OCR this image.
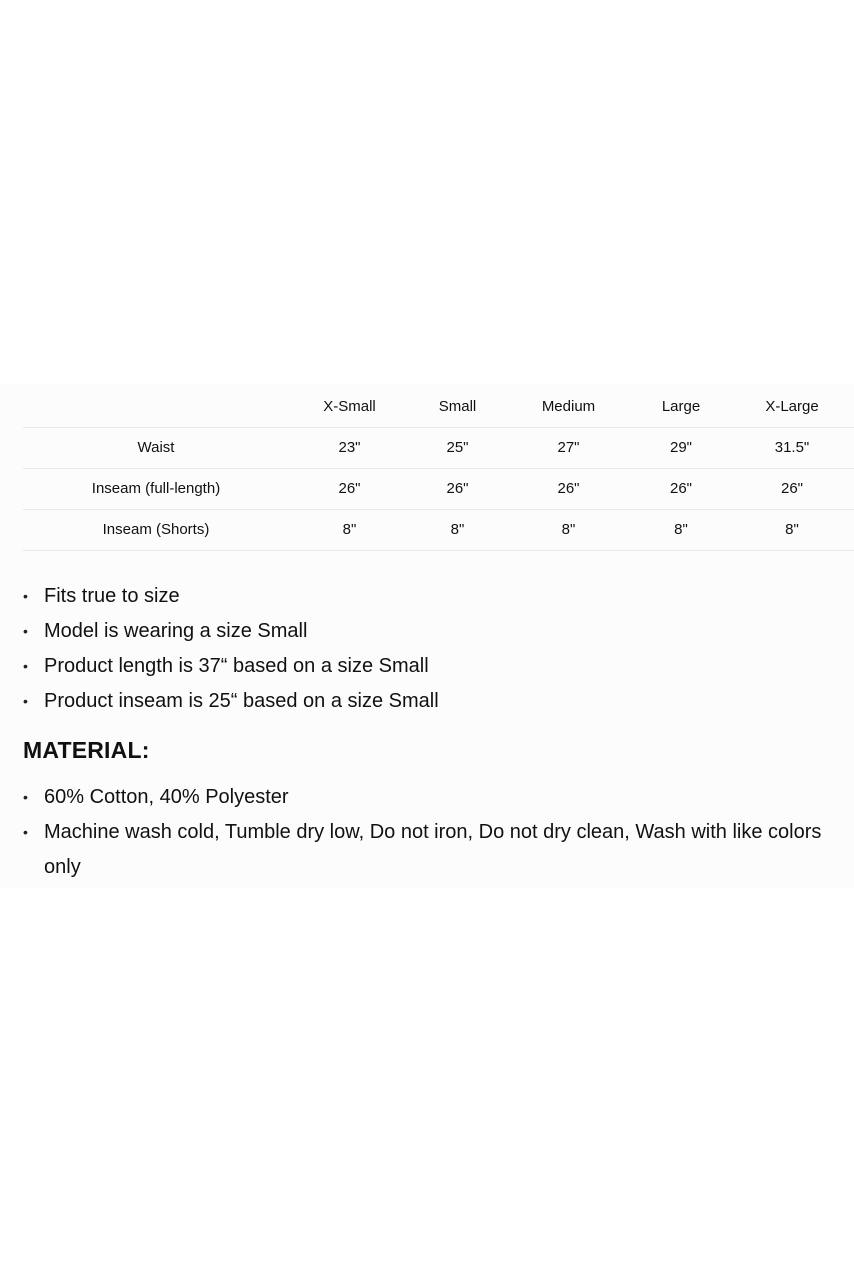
	X-Small	Small	Medium	Large	X-Large
Waist	23"	25"	27"	29"	31.5"
Inseam (full-length)	26"	26"	26"	26"	26"
Inseam (Shorts)	8"	8"	8"	8"	8"
• Fits true to size
• Model is wearing a size Small
• Product length is 37“ based on a size Small
• Product inseam is 25“ based on a size Small
MATERIAL:
• 60% Cotton, 40% Polyester
• Machine wash cold, Tumble dry low, Do not iron, Do not dry clean, Wash with like colors only
